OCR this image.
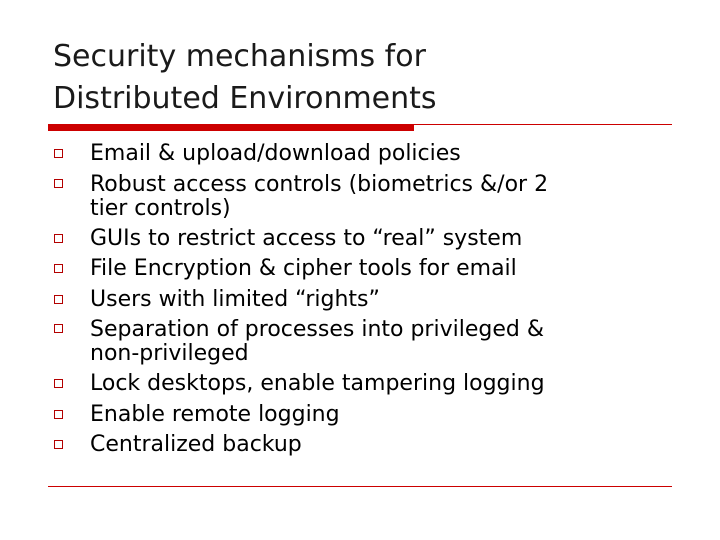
Security mechanisms for
Distributed Environments
Email & upload/download policies
Robust access controls (biometrics &/or 2
tier controls)
GUIs to restrict access to “real” system
File Encryption & cipher tools for email
Users with limited “rights”
Separation of processes into privileged &
non-privileged
Lock desktops, enable tampering logging
Enable remote logging
Centralized backup
